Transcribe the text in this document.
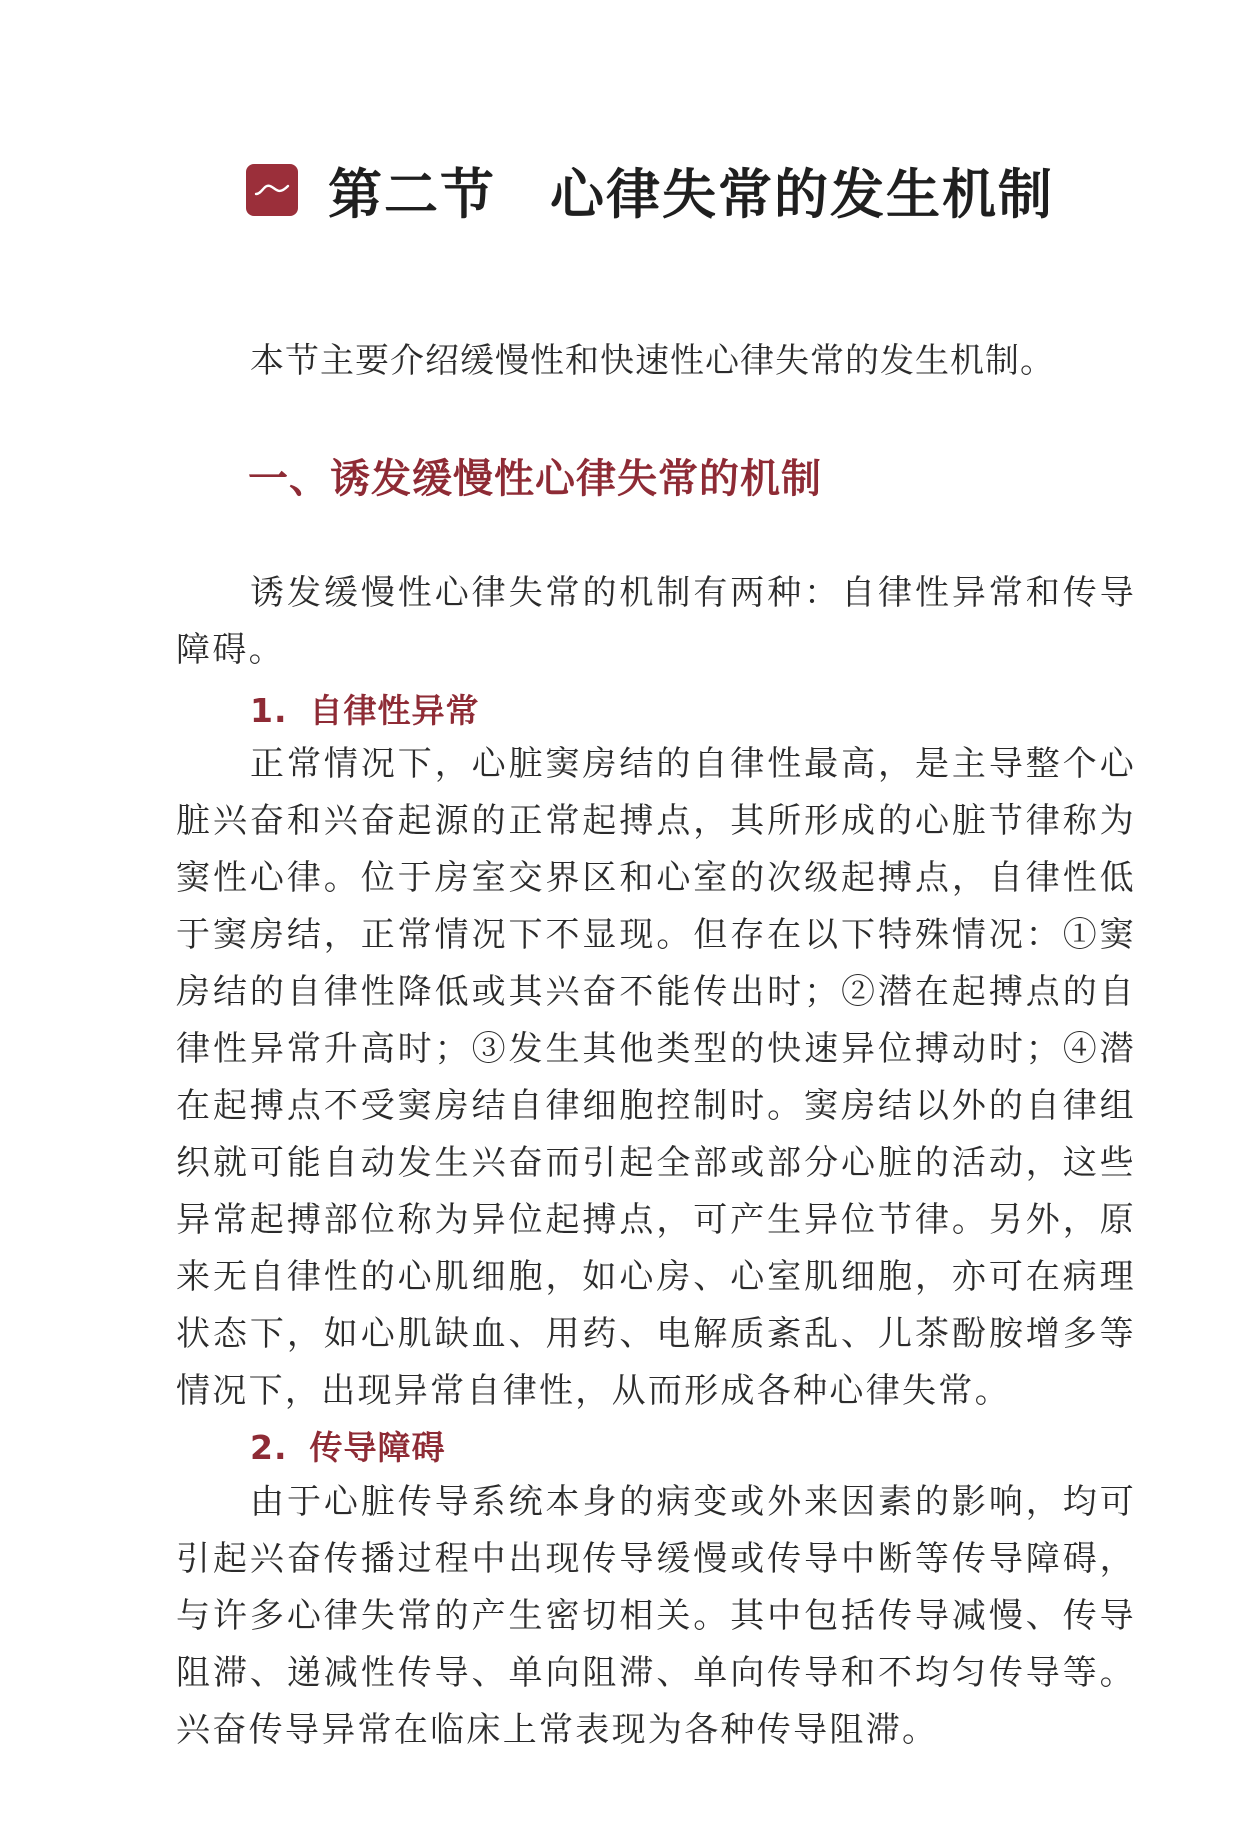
第二节 心律失常的发生机制
本节主要介绍缓慢性和快速性心律失常的发生机制。
一、诱发缓慢性心律失常的机制

诱发缓慢性心律失常的机制有两种：自律性异常和传导障碍。

1. 自律性异常

正常情况下，心脏窦房结的自律性最高，是主导整个心脏兴奋和兴奋起源的正常起搏点，其所形成的心脏节律称为窦性心律。位于房室交界区和心室的次级起搏点，自律性低于窦房结，正常情况下不显现。但存在以下特殊情况：①窦房结的自律性降低或其兴奋不能传出时；②潜在起搏点的自律性异常升高时；③发生其他类型的快速异位搏动时；④潜在起搏点不受窦房结自律细胞控制时。窦房结以外的自律组织就可能自动发生兴奋而引起全部或部分心脏的活动，这些异常起搏部位称为异位起搏点，可产生异位节律。另外，原来无自律性的心肌细胞，如心房、心室肌细胞，亦可在病理状态下，如心肌缺血、用药、电解质紊乱、儿茶酚胺增多等情况下，出现异常自律性，从而形成各种心律失常。

2. 传导障碍

由于心脏传导系统本身的病变或外来因素的影响，均可引起兴奋传播过程中出现传导缓慢或传导中断等传导障碍，与许多心律失常的产生密切相关。其中包括传导减慢、传导阻滞、递减性传导、单向阻滞、单向传导和不均匀传导等。兴奋传导异常在临床上常表现为各种传导阻滞。
